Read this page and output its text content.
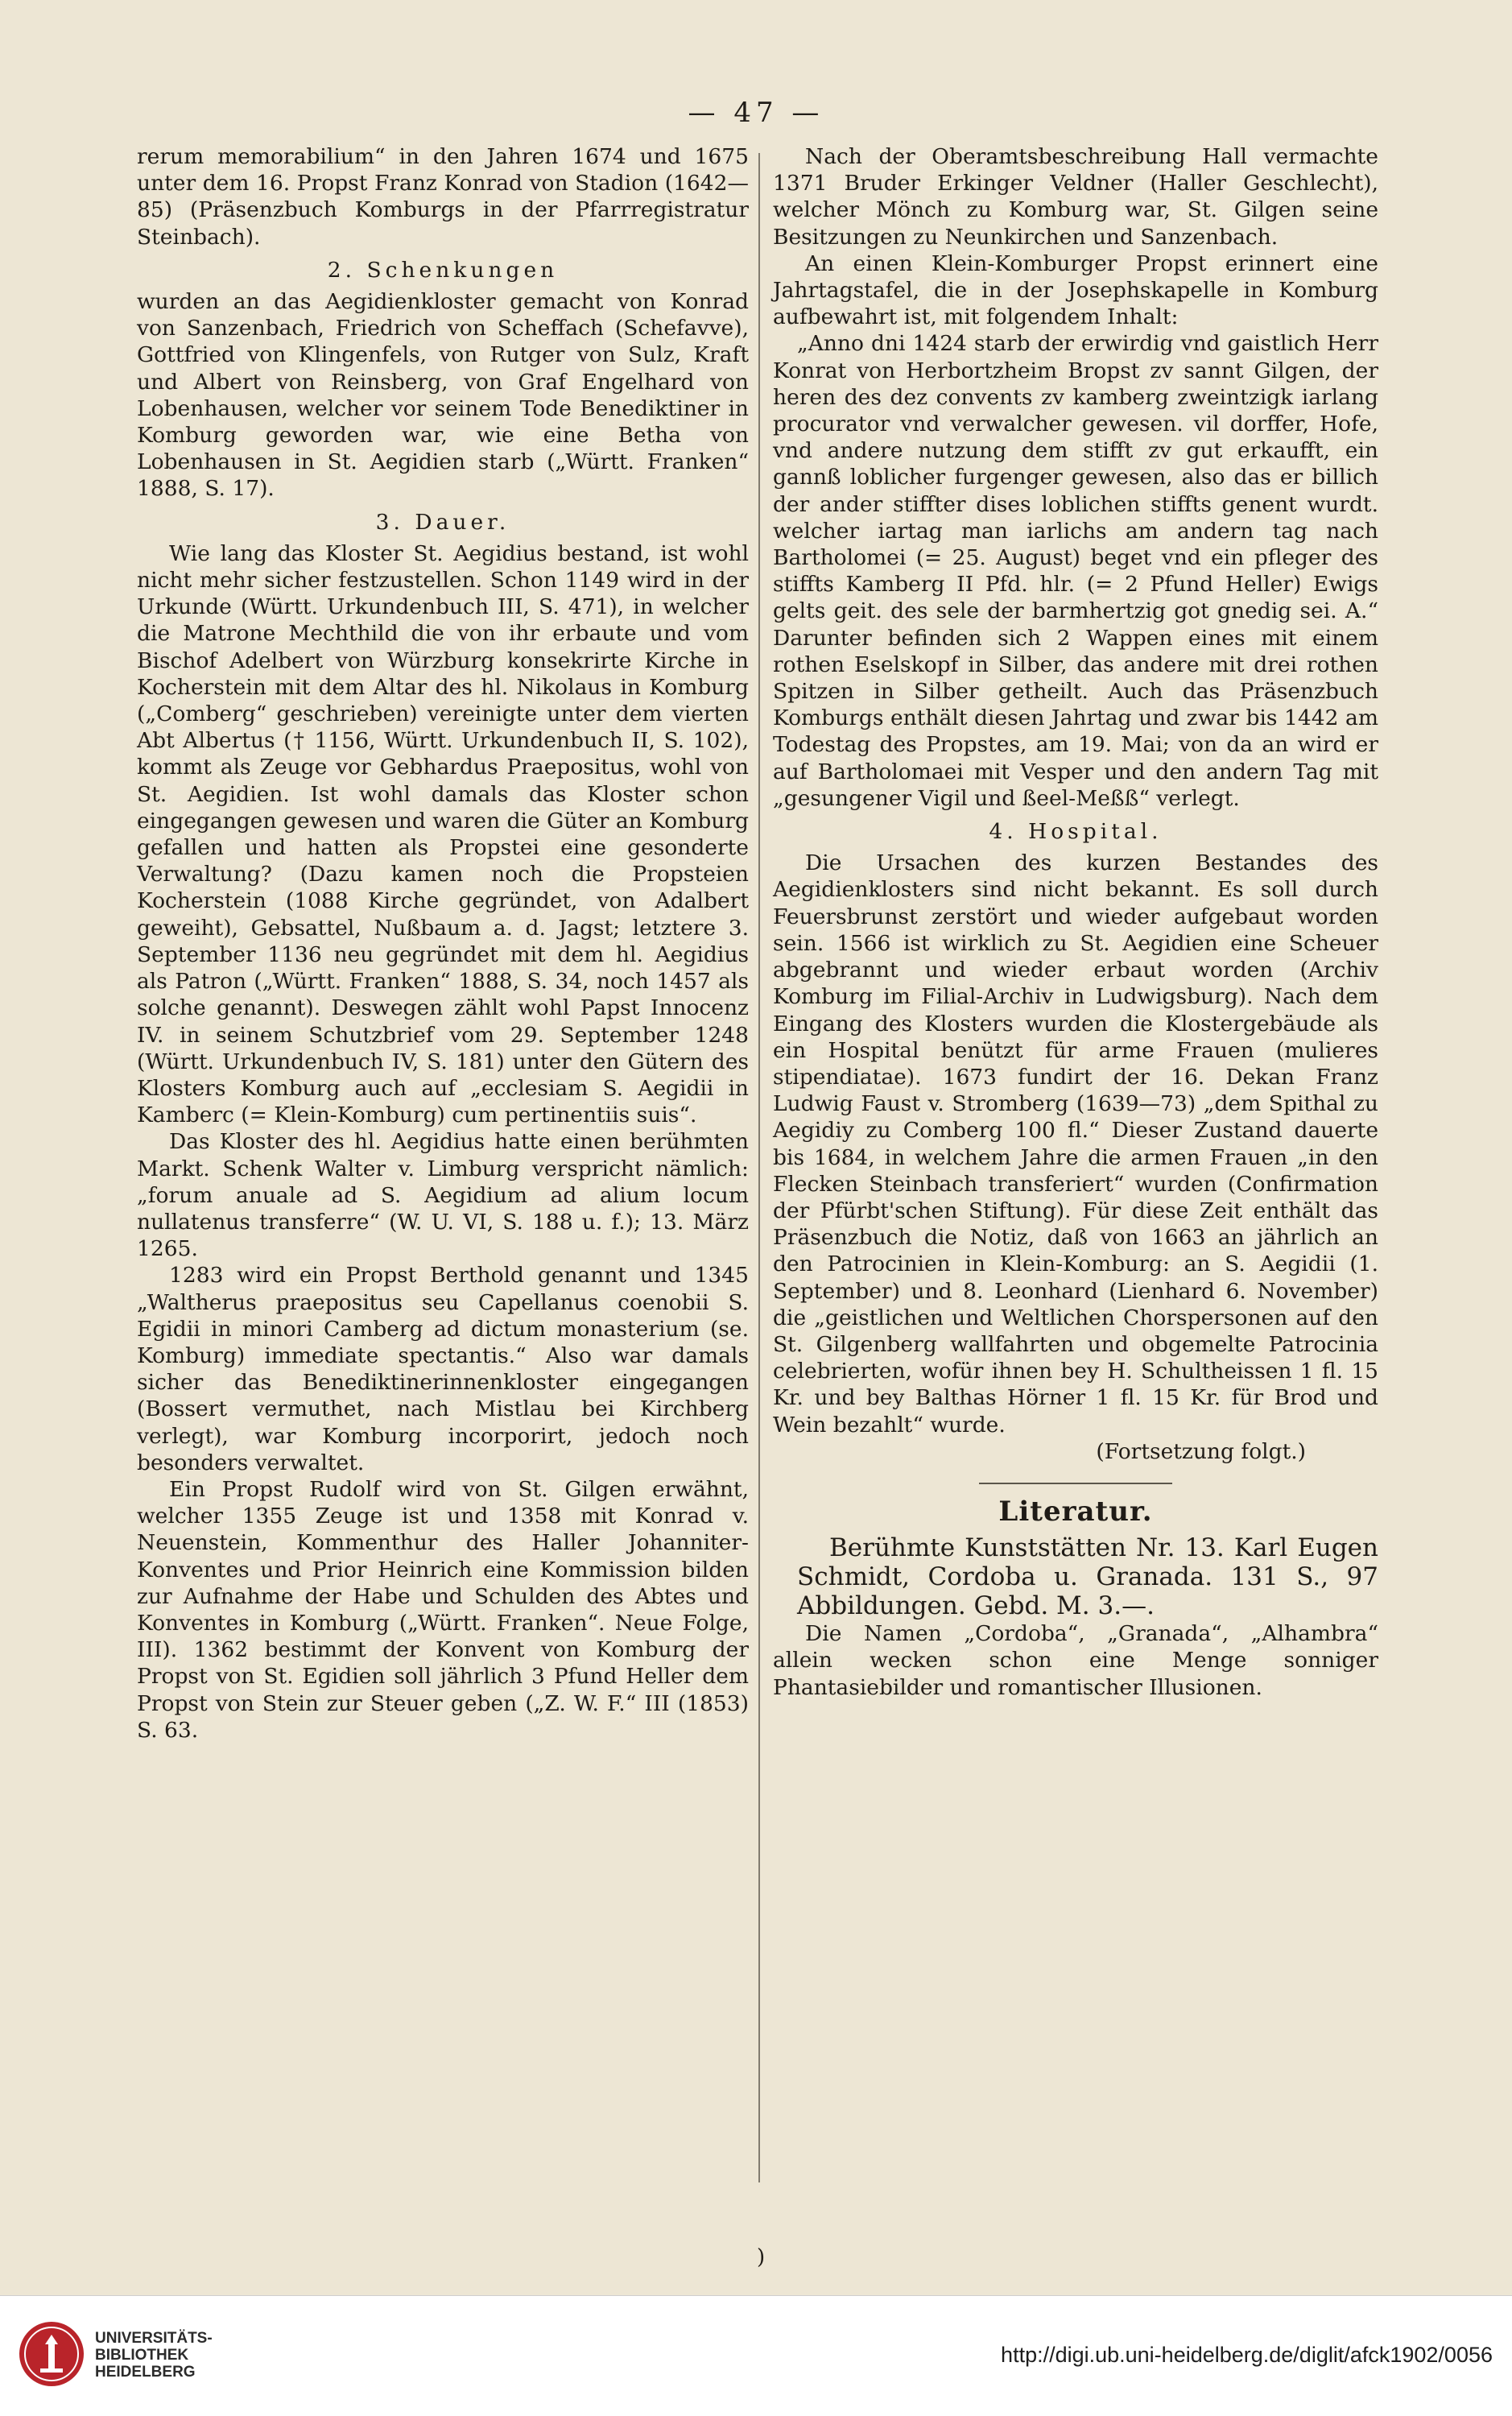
— 47 —

rerum memorabilium“ in den Jahren 1674 und 1675 unter dem 16. Propst Franz Konrad von Stadion (1642—85) (Präsenzbuch Komburgs in der Pfarrregistratur Steinbach).

2. Schenkungen

wurden an das Aegidienkloster gemacht von Konrad von Sanzenbach, Friedrich von Scheffach (Schefavve), Gottfried von Klingenfels, von Rutger von Sulz, Kraft und Albert von Reinsberg, von Graf Engelhard von Lobenhausen, welcher vor seinem Tode Benediktiner in Komburg geworden war, wie eine Betha von Lobenhausen in St. Aegidien starb („Württ. Franken“ 1888, S. 17).

3. Dauer.

Wie lang das Kloster St. Aegidius bestand, ist wohl nicht mehr sicher festzustellen. Schon 1149 wird in der Urkunde (Württ. Urkundenbuch III, S. 471), in welcher die Matrone Mechthild die von ihr erbaute und vom Bischof Adelbert von Würzburg konsekrirte Kirche in Kocherstein mit dem Altar des hl. Nikolaus in Komburg („Comberg“ geschrieben) vereinigte unter dem vierten Abt Albertus († 1156, Württ. Urkundenbuch II, S. 102), kommt als Zeuge vor Gebhardus Praepositus, wohl von St. Aegidien. Ist wohl damals das Kloster schon eingegangen gewesen und waren die Güter an Komburg gefallen und hatten als Propstei eine gesonderte Verwaltung? (Dazu kamen noch die Propsteien Kocherstein (1088 Kirche gegründet, von Adalbert geweiht), Gebsattel, Nußbaum a. d. Jagst; letztere 3. September 1136 neu gegründet mit dem hl. Aegidius als Patron („Württ. Franken“ 1888, S. 34, noch 1457 als solche genannt). Deswegen zählt wohl Papst Innocenz IV. in seinem Schutzbrief vom 29. September 1248 (Württ. Urkundenbuch IV, S. 181) unter den Gütern des Klosters Komburg auch auf „ecclesiam S. Aegidii in Kamberc (= Klein-Komburg) cum pertinentiis suis“.

Das Kloster des hl. Aegidius hatte einen berühmten Markt. Schenk Walter v. Limburg verspricht nämlich: „forum anuale ad S. Aegidium ad alium locum nullatenus transferre“ (W. U. VI, S. 188 u. f.); 13. März 1265.

1283 wird ein Propst Berthold genannt und 1345 „Waltherus praepositus seu Capellanus coenobii S. Egidii in minori Camberg ad dictum monasterium (se. Komburg) immediate spectantis.“ Also war damals sicher das Benediktinerinnenkloster eingegangen (Bossert vermuthet, nach Mistlau bei Kirchberg verlegt), war Komburg incorporirt, jedoch noch besonders verwaltet.

Ein Propst Rudolf wird von St. Gilgen erwähnt, welcher 1355 Zeuge ist und 1358 mit Konrad v. Neuenstein, Kommenthur des Haller Johanniter-Konventes und Prior Heinrich eine Kommission bilden zur Aufnahme der Habe und Schulden des Abtes und Konventes in Komburg („Württ. Franken“. Neue Folge, III). 1362 bestimmt der Konvent von Komburg der Propst von St. Egidien soll jährlich 3 Pfund Heller dem Propst von Stein zur Steuer geben („Z. W. F.“ III (1853) S. 63.

Nach der Oberamtsbeschreibung Hall vermachte 1371 Bruder Erkinger Veldner (Haller Geschlecht), welcher Mönch zu Komburg war, St. Gilgen seine Besitzungen zu Neunkirchen und Sanzenbach.

An einen Klein-Komburger Propst erinnert eine Jahrtagstafel, die in der Josephskapelle in Komburg aufbewahrt ist, mit folgendem Inhalt:

„Anno dni 1424 starb der erwirdig vnd gaistlich Herr Konrat von Herbortzheim Bropst zv sannt Gilgen, der heren des dez convents zv kamberg zweintzigk iarlang procurator vnd verwalcher gewesen. vil dorffer, Hofe, vnd andere nutzung dem stifft zv gut erkaufft, ein gannß loblicher furgenger gewesen, also das er billich der ander stiffter dises loblichen stiffts genent wurdt. welcher iartag man iarlichs am andern tag nach Bartholomei (= 25. August) beget vnd ein pfleger des stiffts Kamberg II Pfd. hlr. (= 2 Pfund Heller) Ewigs gelts geit. des sele der barmhertzig got gnedig sei. A.“ Darunter befinden sich 2 Wappen eines mit einem rothen Eselskopf in Silber, das andere mit drei rothen Spitzen in Silber getheilt. Auch das Präsenzbuch Komburgs enthält diesen Jahrtag und zwar bis 1442 am Todestag des Propstes, am 19. Mai; von da an wird er auf Bartholomaei mit Vesper und den andern Tag mit „gesungener Vigil und ßeel-Meßß“ verlegt.

4. Hospital.

Die Ursachen des kurzen Bestandes des Aegidienklosters sind nicht bekannt. Es soll durch Feuersbrunst zerstört und wieder aufgebaut worden sein. 1566 ist wirklich zu St. Aegidien eine Scheuer abgebrannt und wieder erbaut worden (Archiv Komburg im Filial-Archiv in Ludwigsburg). Nach dem Eingang des Klosters wurden die Klostergebäude als ein Hospital benützt für arme Frauen (mulieres stipendiatae). 1673 fundirt der 16. Dekan Franz Ludwig Faust v. Stromberg (1639—73) „dem Spithal zu Aegidiy zu Comberg 100 fl.“ Dieser Zustand dauerte bis 1684, in welchem Jahre die armen Frauen „in den Flecken Steinbach transferiert“ wurden (Confirmation der Pfürbt'schen Stiftung). Für diese Zeit enthält das Präsenzbuch die Notiz, daß von 1663 an jährlich an den Patrocinien in Klein-Komburg: an S. Aegidii (1. September) und 8. Leonhard (Lienhard 6. November) die „geistlichen und Weltlichen Chorspersonen auf den St. Gilgenberg wallfahrten und obgemelte Patrocinia celebrierten, wofür ihnen bey H. Schultheissen 1 fl. 15 Kr. und bey Balthas Hörner 1 fl. 15 Kr. für Brod und Wein bezahlt“ wurde.

(Fortsetzung folgt.)

Literatur.

Berühmte Kunststätten Nr. 13. Karl Eugen Schmidt, Cordoba u. Granada. 131 S., 97 Abbildungen. Gebd. M. 3.—.

Die Namen „Cordoba“, „Granada“, „Alhambra“ allein wecken schon eine Menge sonniger Phantasiebilder und romantischer Illusionen.

)
UNIVERSITÄTS-
BIBLIOTHEK
HEIDELBERG
http://digi.ub.uni-heidelberg.de/diglit/afck1902/0056
